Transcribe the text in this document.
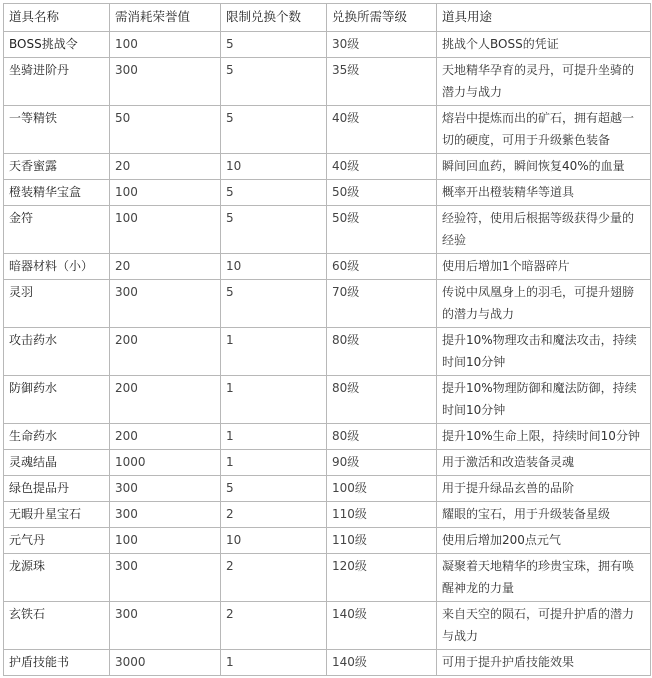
道具名称	需消耗荣誉值	限制兑换个数	兑换所需等级	道具用途
BOSS挑战令	100	5	30级	挑战个人BOSS的凭证
坐骑进阶丹	300	5	35级	天地精华孕育的灵丹，可提升坐骑的潜力与战力
一等精铁	50	5	40级	熔岩中提炼而出的矿石，拥有超越一切的硬度，可用于升级紫色装备
天香蜜露	20	10	40级	瞬间回血药，瞬间恢复40%的血量
橙装精华宝盒	100	5	50级	概率开出橙装精华等道具
金符	100	5	50级	经验符，使用后根据等级获得少量的经验
暗器材料（小）	20	10	60级	使用后增加1个暗器碎片
灵羽	300	5	70级	传说中凤凰身上的羽毛，可提升翅膀的潜力与战力
攻击药水	200	1	80级	提升10%物理攻击和魔法攻击，持续时间10分钟
防御药水	200	1	80级	提升10%物理防御和魔法防御，持续时间10分钟
生命药水	200	1	80级	提升10%生命上限，持续时间10分钟
灵魂结晶	1000	1	90级	用于激活和改造装备灵魂
绿色提品丹	300	5	100级	用于提升绿品玄兽的品阶
无暇升星宝石	300	2	110级	耀眼的宝石，用于升级装备星级
元气丹	100	10	110级	使用后增加200点元气
龙源珠	300	2	120级	凝聚着天地精华的珍贵宝珠，拥有唤醒神龙的力量
玄铁石	300	2	140级	来自天空的陨石，可提升护盾的潜力与战力
护盾技能书	3000	1	140级	可用于提升护盾技能效果
